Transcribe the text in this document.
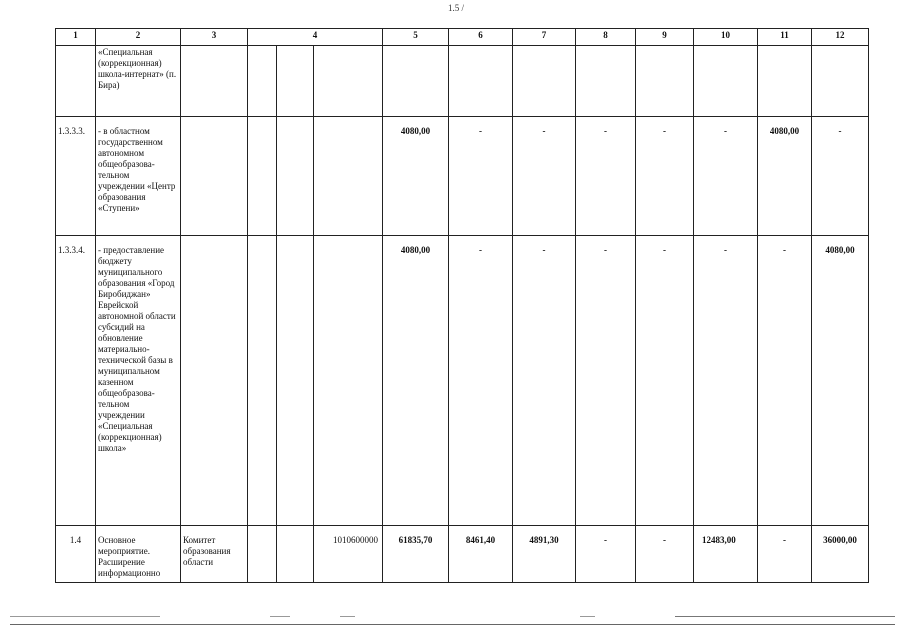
1.5 /
1	2	3	4			5	6	7	8	9	10	11	12
	«Специальная (коррекционная) школа-интернат» (п. Бира)												
1.3.3.3.	- в областном государственном автономном общеобразова-тельном учреждении «Центр образования «Ступени»					4080,00	-	-	-	-	-	4080,00	-
1.3.3.4.	- предоставление бюджету муниципального образования «Город Биробиджан» Еврейской автономной области субсидий на обновление материально-технической базы в муниципальном казенном общеобразова-тельном учреждении «Специальная (коррекционная) школа»					4080,00	-	-	-	-	-	-	4080,00
1.4	Основное мероприятие. Расширение информационно	Комитет образования области			1010600000	61835,70	8461,40	4891,30	-	-	12483,00	-	36000,00
